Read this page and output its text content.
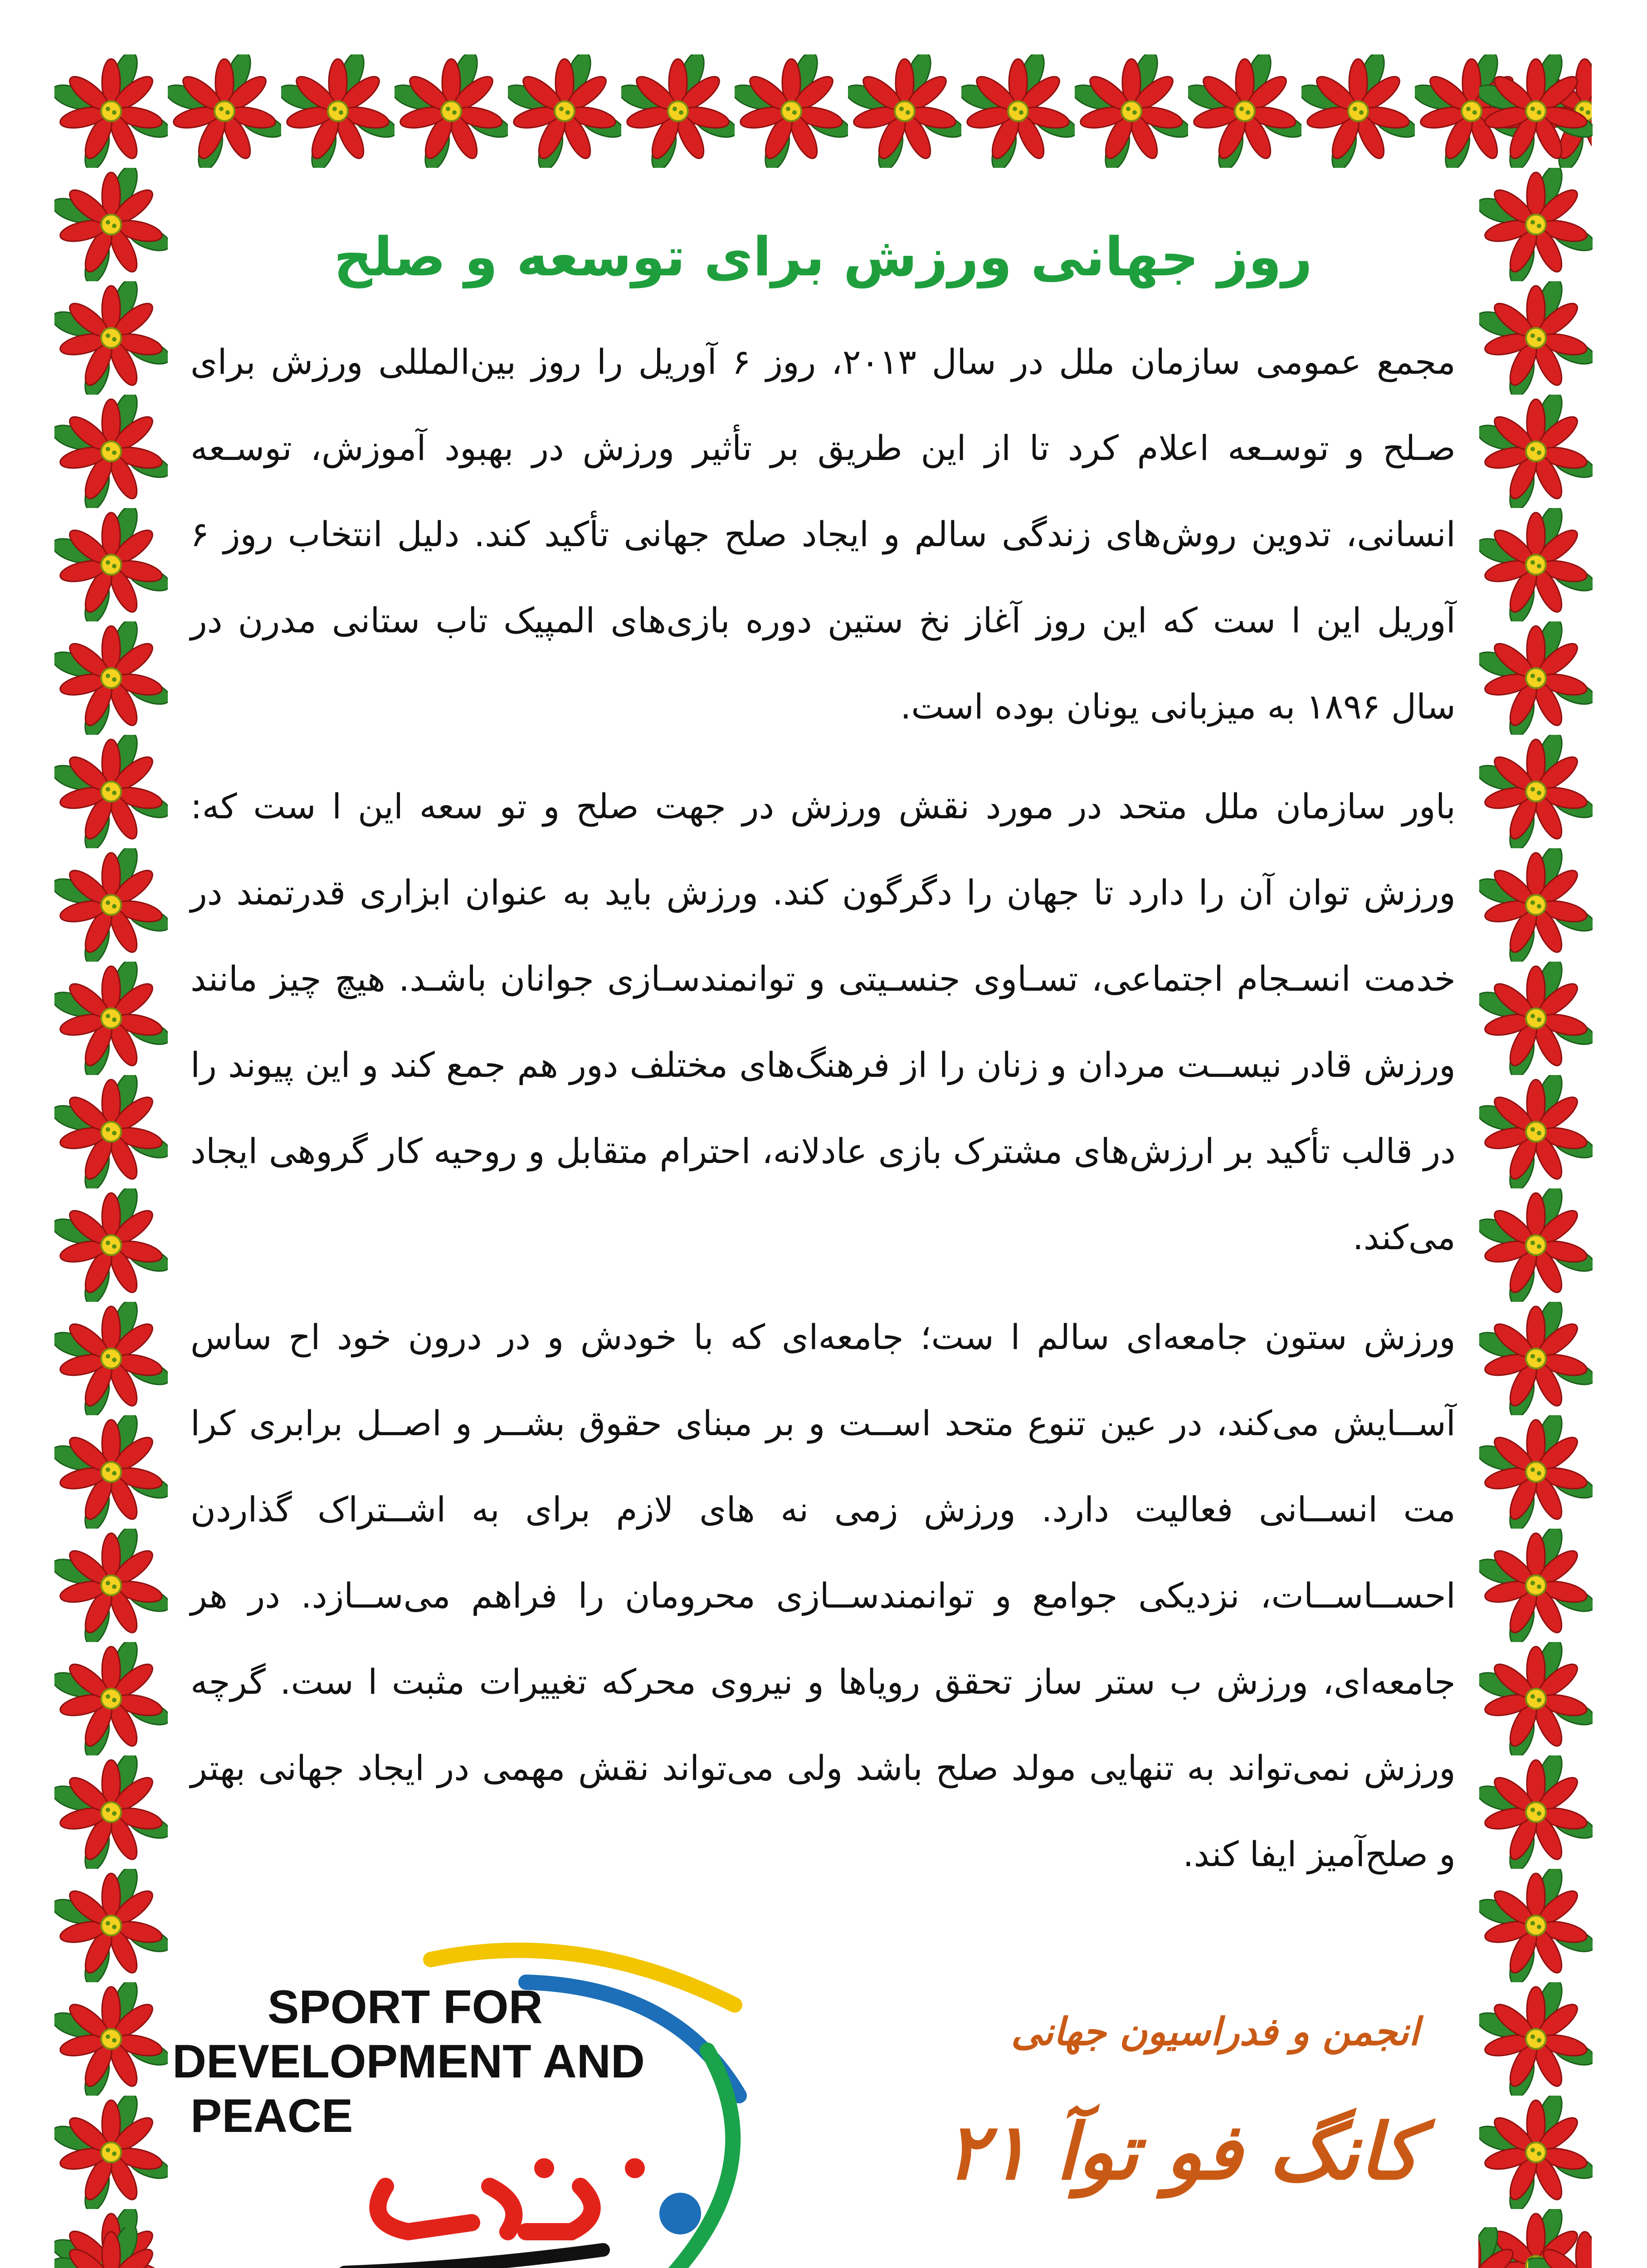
روز جهانی ورزش برای توسعه و صلح

مجمع عمومی سازمان ملل در سال ۲۰۱۳، روز ۶ آوریل را روز بین‌المللی ورزش برای صـلح و توسـعه اعلام کرد تا از این طریق بر تأثیر ورزش در بهبود آموزش، توسـعه انسانی، تدوین روش‌های زندگی سالم و ایجاد صلح جهانی تأکید کند. دلیل انتخاب روز ۶ آوریل این ا ست که این روز آغاز نخ ستین دوره بازی‌های المپیک تاب ستانی مدرن در سال ۱۸۹۶ به میزبانی یونان بوده است.

باور سازمان ملل متحد در مورد نقش ورزش در جهت صلح و تو سعه این ا ست که: ورزش توان آن را دارد تا جهان را دگرگون کند. ورزش باید به عنوان ابزاری قدرتمند در خدمت انسـجام اجتماعی، تسـاوی جنسـیتی و توانمندسـازی جوانان باشـد. هیچ چیز مانند ورزش قادر نیســت مردان و زنان را از فرهنگ‌های مختلف دور هم جمع کند و این پیوند را در قالب تأکید بر ارزش‌های مشترک بازی عادلانه، احترام متقابل و روحیه کار گروهی ایجاد می‌کند.

ورزش ستون جامعه‌ای سالم ا ست؛ جامعه‌ای که با خودش و در درون خود اح ساس آســایش می‌کند، در عین تنوع متحد اســت و بر مبنای حقوق بشــر و اصــل برابری کرا مت انســانی فعالیت دارد. ورزش زمی نه های لازم برای به اشــتراک گذاردن احســاســات، نزدیکی جوامع و توانمندســازی محرومان را فراهم می‌ســازد. در هر جامعه‌ای، ورزش ب ستر ساز تحقق رویاها و نیروی محرکه تغییرات مثبت ا ست. گرچه ورزش نمی‌تواند به تنهایی مولد صلح باشد ولی می‌تواند نقش مهمی در ایجاد جهانی بهتر و صلح‌آمیز ایفا کند.

SPORT FOR
DEVELOPMENT AND
PEACE
انجمن و فدراسیون جهانی
کانگ فو توآ ۲۱
